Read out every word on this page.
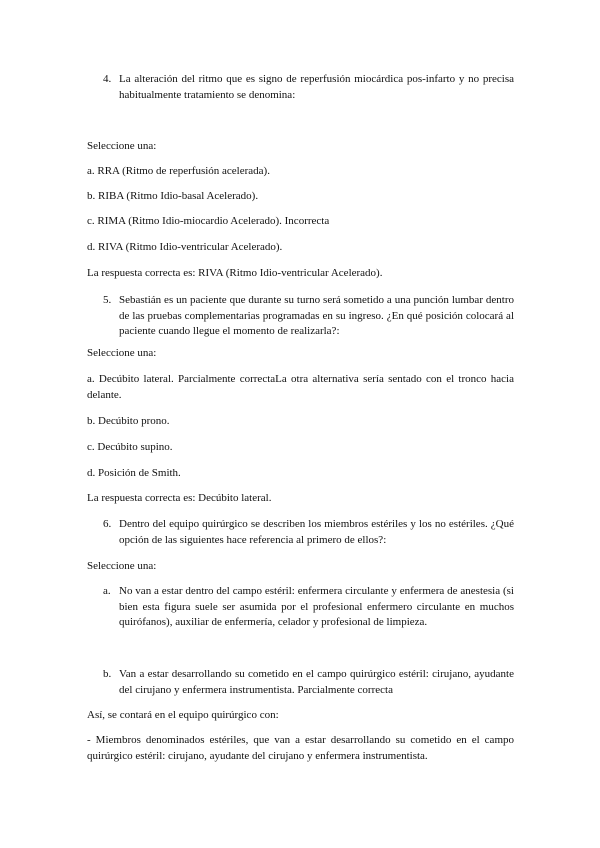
4. La alteración del ritmo que es signo de reperfusión miocárdica pos-infarto y no precisa habitualmente tratamiento se denomina:

Seleccione una:

a. RRA (Ritmo de reperfusión acelerada).

b. RIBA (Ritmo Idio-basal Acelerado).

c. RIMA (Ritmo Idio-miocardio Acelerado). Incorrecta

d. RIVA (Ritmo Idio-ventricular Acelerado).

La respuesta correcta es: RIVA (Ritmo Idio-ventricular Acelerado).

5. Sebastián es un paciente que durante su turno será sometido a una punción lumbar dentro de las pruebas complementarias programadas en su ingreso. ¿En qué posición colocará al paciente cuando llegue el momento de realizarla?:

Seleccione una:

a. Decúbito lateral. Parcialmente correctaLa otra alternativa sería sentado con el tronco hacia delante.

b. Decúbito prono.

c. Decúbito supino.

d. Posición de Smith.

La respuesta correcta es: Decúbito lateral.

6. Dentro del equipo quirúrgico se describen los miembros estériles y los no estériles. ¿Qué opción de las siguientes hace referencia al primero de ellos?:

Seleccione una:

a. No van a estar dentro del campo estéril: enfermera circulante y enfermera de anestesia (si bien esta figura suele ser asumida por el profesional enfermero circulante en muchos quirófanos), auxiliar de enfermería, celador y profesional de limpieza.
b. Van a estar desarrollando su cometido en el campo quirúrgico estéril: cirujano, ayudante del cirujano y enfermera instrumentista. Parcialmente correcta

Así, se contará en el equipo quirúrgico con:

- Miembros denominados estériles, que van a estar desarrollando su cometido en el campo quirúrgico estéril: cirujano, ayudante del cirujano y enfermera instrumentista.
